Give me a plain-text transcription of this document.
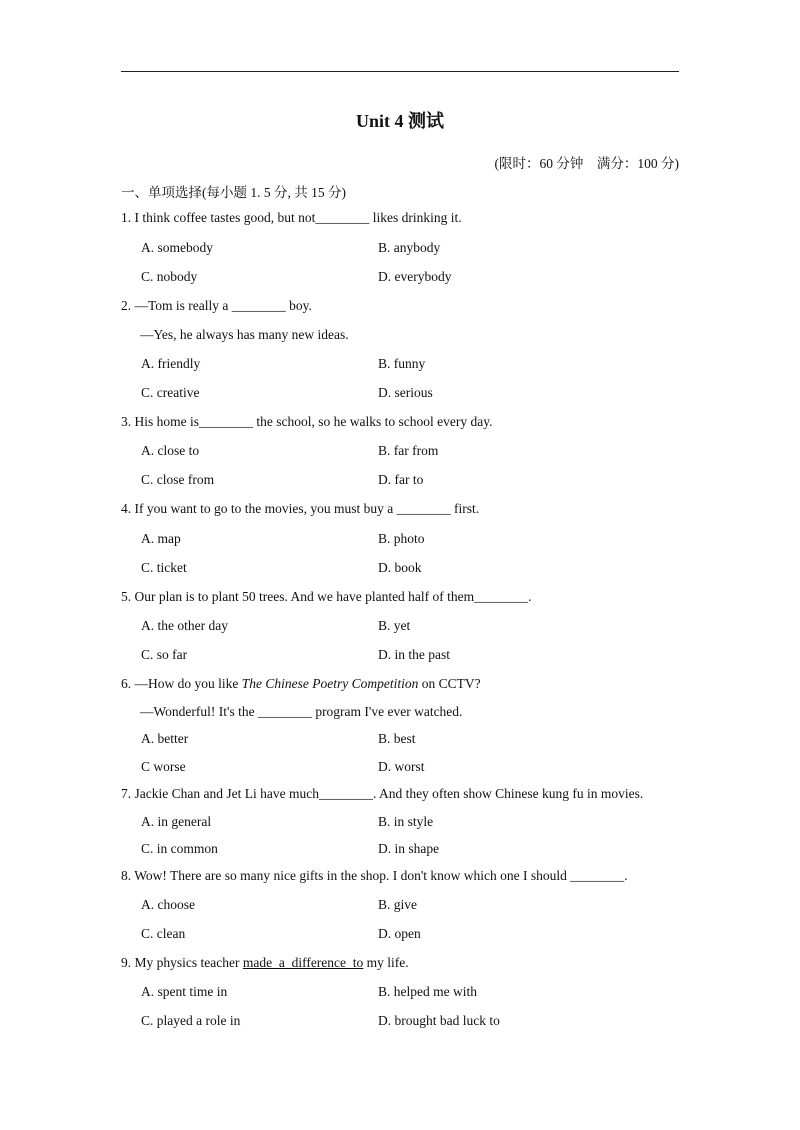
Unit 4 测试
(限时：60 分钟　满分：100 分)
一、单项选择(每小题 1. 5 分, 共 15 分)
1. I think coffee tastes good, but not________ likes drinking it.
A. somebody	B. anybody
C. nobody	D. everybody
2. —Tom is really a ________ boy.
—Yes, he always has many new ideas.
A. friendly	B. funny
C. creative	D. serious
3. His home is________ the school, so he walks to school every day.
A. close to	B. far from
C. close from	D. far to
4. If you want to go to the movies, you must buy a ________ first.
A. map	B. photo
C. ticket	D. book
5. Our plan is to plant 50 trees. And we have planted half of them________.
A. the other day	B. yet
C. so far	D. in the past
6. —How do you like The Chinese Poetry Competition on CCTV?
—Wonderful! It's the ________ program I've ever watched.
A. better	B. best
C worse	D. worst
7. Jackie Chan and Jet Li have much________. And they often show Chinese kung fu in movies.
A. in general	B. in style
C. in common	D. in shape
8. Wow! There are so many nice gifts in the shop. I don't know which one I should ________.
A. choose	B. give
C. clean	D. open
9. My physics teacher made  a  difference  to my life.
A. spent time in	B. helped me with
C. played a role in	D. brought bad luck to
